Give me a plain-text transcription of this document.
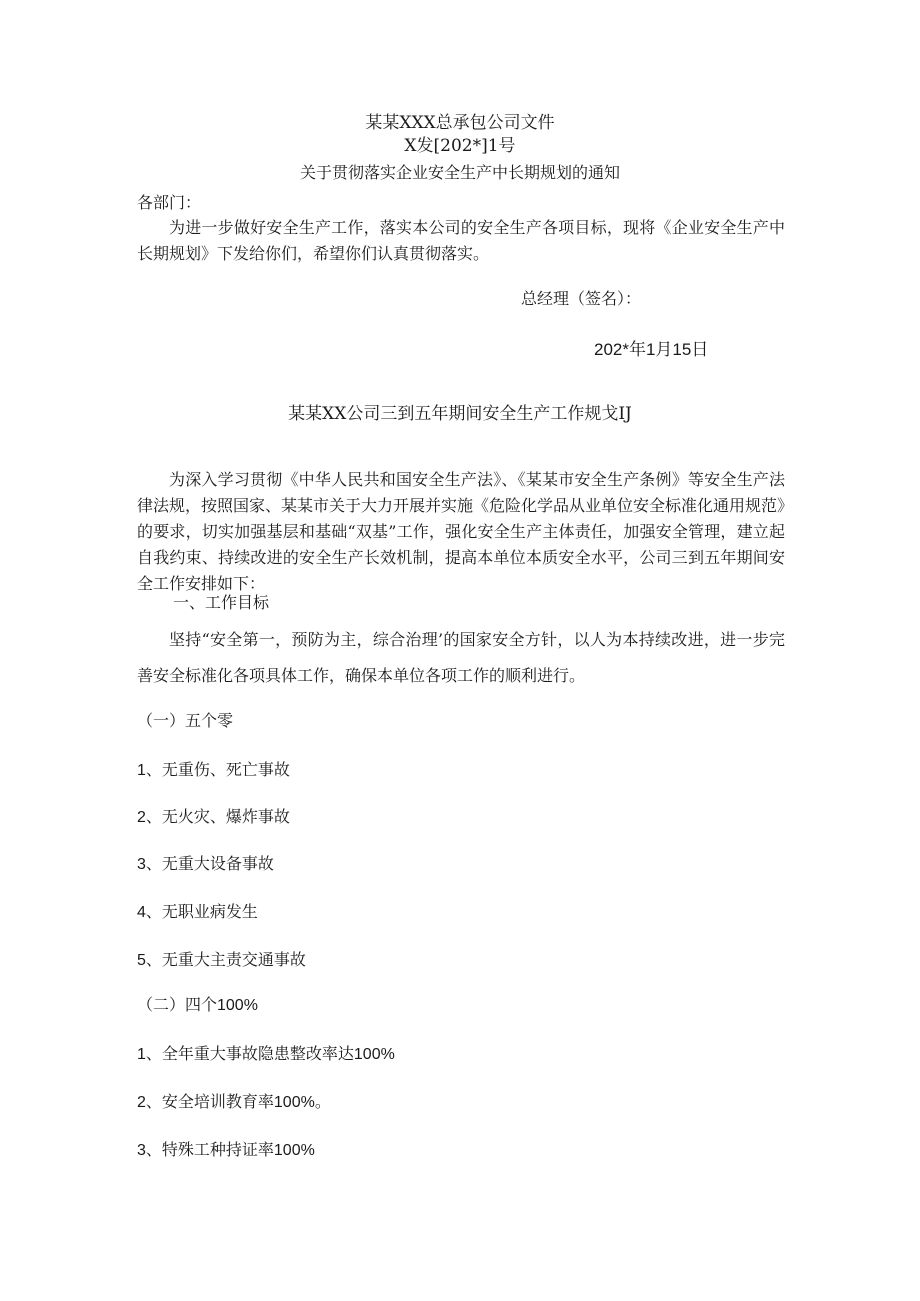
某某XXX总承包公司文件

X发[202*]1号

关于贯彻落实企业安全生产中长期规划的通知

各部门：

为进一步做好安全生产工作，落实本公司的安全生产各项目标，现将《企业安全生产中长期规划》下发给你们，希望你们认真贯彻落实。

总经理（签名）：

202*年1月15日

某某XX公司三到五年期间安全生产工作规戈IJ

为深入学习贯彻《中华人民共和国安全生产法》、《某某市安全生产条例》等安全生产法律法规，按照国家、某某市关于大力开展并实施《危险化学品从业单位安全标准化通用规范》的要求，切实加强基层和基础“双基”工作，强化安全生产主体责任，加强安全管理，建立起自我约束、持续改进的安全生产长效机制，提高本单位本质安全水平，公司三到五年期间安全工作安排如下：

一、工作目标

坚持“安全第一，预防为主，综合治理’的国家安全方针，以人为本持续改进，进一步完善安全标准化各项具体工作，确保本单位各项工作的顺利进行。

（一）五个零

1、无重伤、死亡事故

2、无火灾、爆炸事故

3、无重大设备事故

4、无职业病发生

5、无重大主责交通事故

（二）四个100%

1、全年重大事故隐患整改率达100%

2、安全培训教育率100%。

3、特殊工种持证率100%
